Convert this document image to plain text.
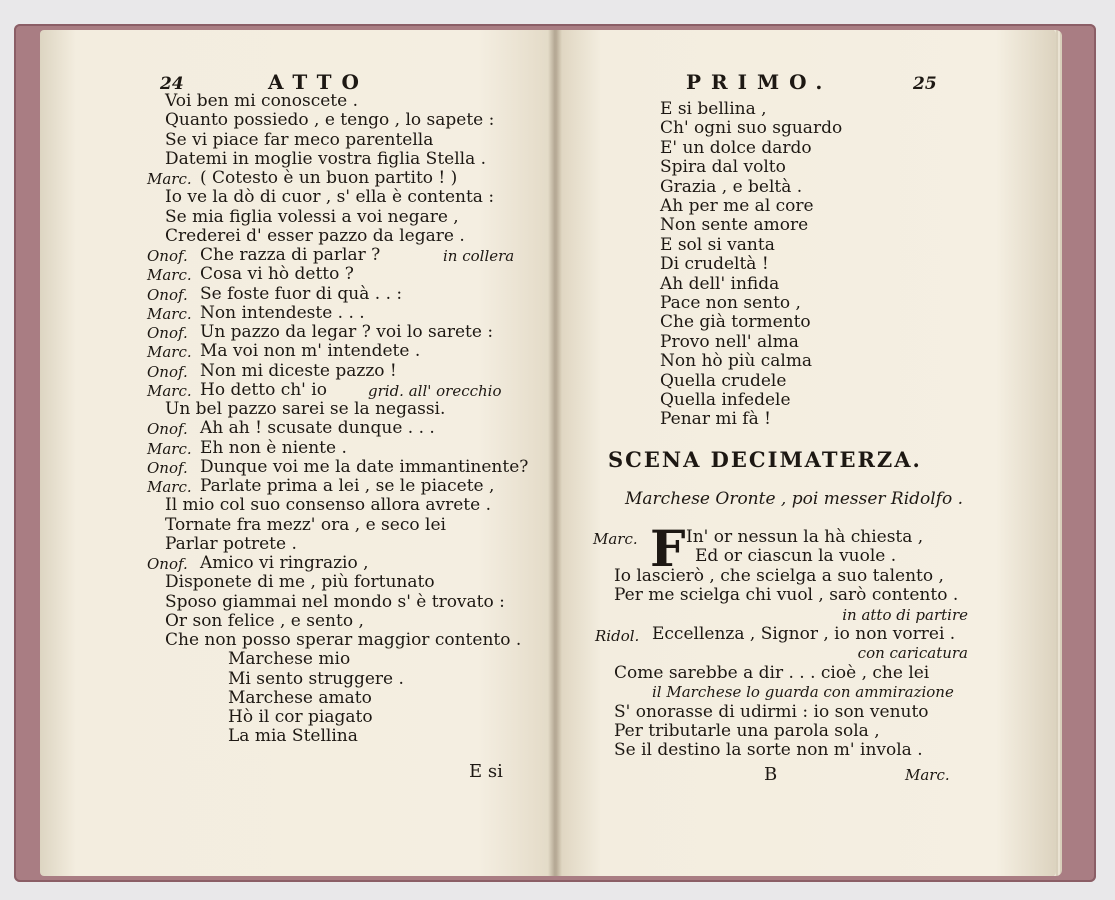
24	ATTO
Voi ben mi conoscete .
Quanto possiedo , e tengo , lo sapete :
Se vi piace far meco parentella
Datemi in moglie vostra figlia Stella .
Marc. ( Cotesto è un buon partito ! )
Io ve la dò di cuor , s' ella è contenta :
Se mia figlia volessi a voi negare ,
Crederei d' esser pazzo da legare .
Onof. Che razza di parlar ?	in collera
Marc. Cosa vi hò detto ?
Onof. Se foste fuor di quà . . :
Marc. Non intendeste . . .
Onof. Un pazzo da legar ? voi lo sarete :
Marc. Ma voi non m' intendete .
Onof. Non mi diceste pazzo !
Marc. Ho detto ch' io	grid. all' orecchio
Un bel pazzo sarei se la negassi.
Onof. Ah ah ! scusate dunque . . .
Marc. Eh non è niente .
Onof. Dunque voi me la date immantinente?
Marc. Parlate prima a lei , se le piacete ,
Il mio col suo consenso allora avrete .
Tornate fra mezz' ora , e seco lei
Parlar potrete .
Onof. Amico vi ringrazio ,
Disponete di me , più fortunato
Sposo giammai nel mondo s' è trovato :
Or son felice , e sento ,
Che non posso sperar maggior contento .
Marchese mio
Mi sento struggere .
Marchese amato
Hò il cor piagato
La mia Stellina
E si
PRIMO.	25
E si bellina ,
Ch' ogni suo sguardo
E' un dolce dardo
Spira dal volto
Grazia , e beltà .
Ah per me al core
Non sente amore
E sol si vanta
Di crudeltà !
Ah dell' infida
Pace non sento ,
Che già tormento
Provo nell' alma
Non hò più calma
Quella crudele
Quella infedele
Penar mi fà !
SCENA DECIMATERZA.
Marchese Oronte , poi messer Ridolfo .
F
Marc.	In' or nessun la hà chiesta ,
Ed or ciascun la vuole .
Io lascierò , che scielga a suo talento ,
Per me scielga chi vuol , sarò contento .
in atto di partire
Ridol. Eccellenza , Signor , io non vorrei .
con caricatura
Come sarebbe a dir . . . cioè , che lei
il Marchese lo guarda con ammirazione
S' onorasse di udirmi : io son venuto
Per tributarle una parola sola ,
Se il destino la sorte non m' invola .
B	Marc.
